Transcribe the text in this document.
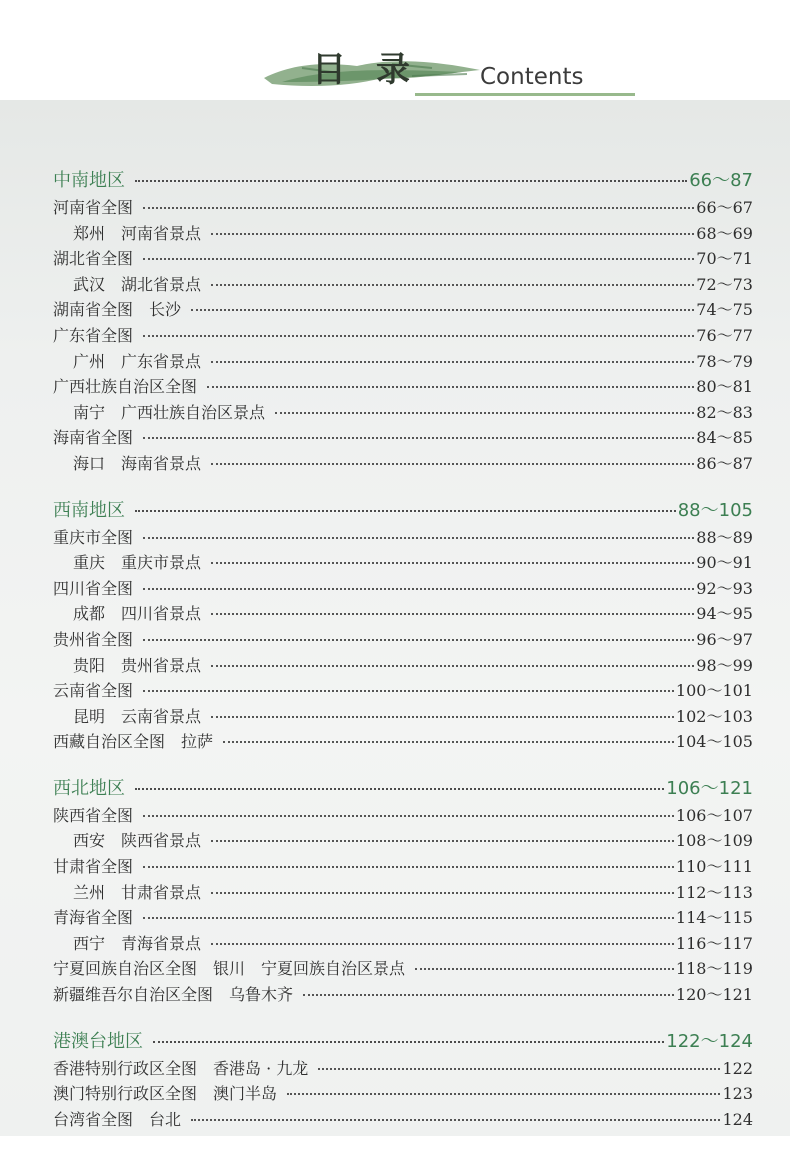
目 录	Contents
中南地区	66～87
河南省全图	66～67
郑州　河南省景点	68～69
湖北省全图	70～71
武汉　湖北省景点	72～73
湖南省全图　长沙	74～75
广东省全图	76～77
广州　广东省景点	78～79
广西壮族自治区全图	80～81
南宁　广西壮族自治区景点	82～83
海南省全图	84～85
海口　海南省景点	86～87
西南地区	88～105
重庆市全图	88～89
重庆　重庆市景点	90～91
四川省全图	92～93
成都　四川省景点	94～95
贵州省全图	96～97
贵阳　贵州省景点	98～99
云南省全图	100～101
昆明　云南省景点	102～103
西藏自治区全图　拉萨	104～105
西北地区	106～121
陕西省全图	106～107
西安　陕西省景点	108～109
甘肃省全图	110～111
兰州　甘肃省景点	112～113
青海省全图	114～115
西宁　青海省景点	116～117
宁夏回族自治区全图　银川　宁夏回族自治区景点	118～119
新疆维吾尔自治区全图　乌鲁木齐	120～121
港澳台地区	122～124
香港特别行政区全图　香港岛 · 九龙	122
澳门特别行政区全图　澳门半岛	123
台湾省全图　台北	124
